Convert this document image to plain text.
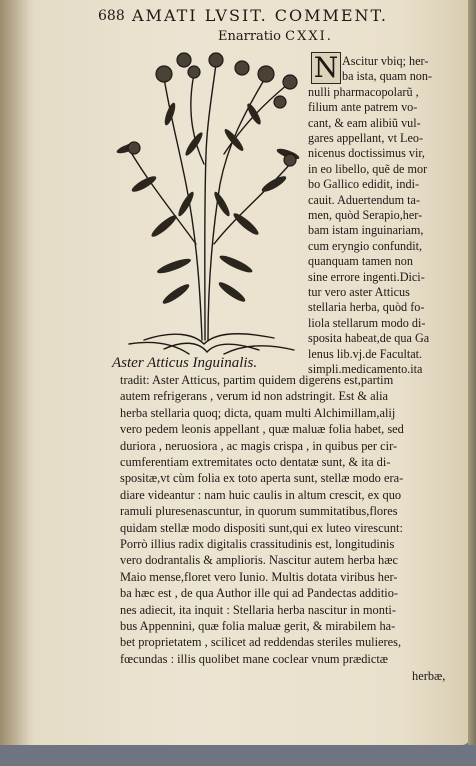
688 AMATI LVSIT. COMMENT.
Enarratio CXXI.
N Ascitur vbiq; her-
ba ista, quam non-
nulli pharmacopolarũ ,
filium ante patrem vo-
cant, & eam alibiũ vul-
gares appellant, vt Leo-
nicenus doctissimus vir,
in eo libello, quẽ de mor
bo Gallico edidit, indi-
cauit. Aduertendum ta-
men, quòd Serapio,her-
bam istam inguinariam,
cum eryngio confundit,
quanquam tamen non
sine errore ingenti.Dici-
tur vero aster Atticus
stellaria herba, quòd fo-
liola stellarum modo di-
sposita habeat,de qua Ga
lenus lib.vj.de Facultat.
simpli.medicamento.ita
Aster Atticus Inguinalis.
tradit: Aster Atticus, partim quidem digerens est,partim
autem refrigerans , verum id non adstringit. Est & alia
herba stellaria quoq; dicta, quam multi Alchimillam,alij
vero pedem leonis appellant , quæ maluæ folia habet, sed
duriora , neruosiora , ac magis crispa , in quibus per cir-
cumferentiam extremitates octo dentatæ sunt, & ita di-
spositæ,vt cùm folia ex toto aperta sunt, stellæ modo era-
diare videantur : nam huic caulis in altum crescit, ex quo
ramuli pluresenascuntur, in quorum summitatibus,flores
quidam stellæ modo dispositi sunt,qui ex luteo virescunt:
Porrò illius radix digitalis crassitudinis est, longitudinis
vero dodrantalis & amplioris. Nascitur autem herba hæc
Maio mense,floret vero Iunio. Multis dotata viribus her-
ba hæc est , de qua Author ille qui ad Pandectas additio-
nes adiecit, ita inquit : Stellaria herba nascitur in monti-
bus Appennini, quæ folia maluæ gerit, & mirabilem ha-
bet proprietatem , scilicet ad reddendas steriles mulieres,
fœcundas : illis quolibet mane coclear vnum prædictæ
herbæ,
